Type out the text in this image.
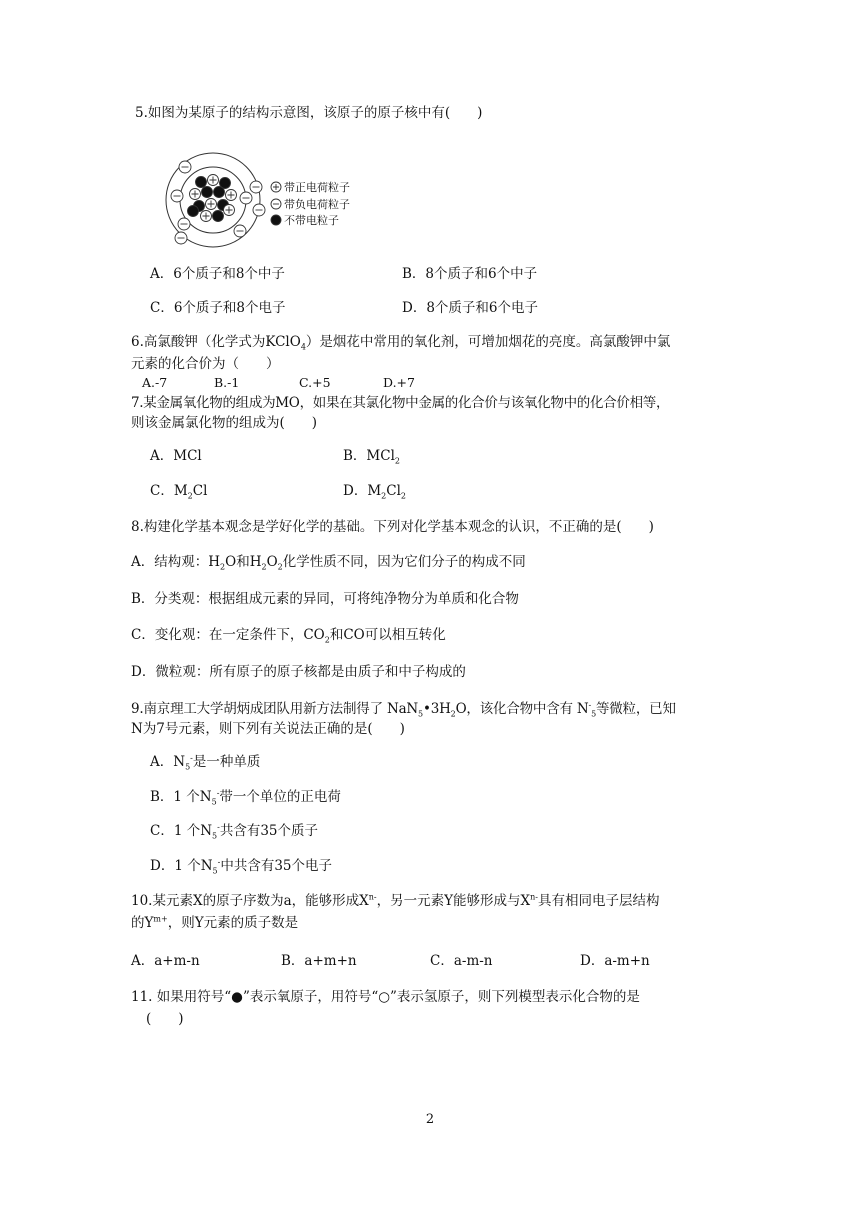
5.如图为某原子的结构示意图，该原子的原子核中有(　　)
带正电荷粒子
带负电荷粒子
不带电粒子
A．6个质子和8个中子	B．8个质子和6个中子
C．6个质子和8个电子	D．8个质子和6个电子
6.高氯酸钾（化学式为KClO$_4$）是烟花中常用的氧化剂，可增加烟花的亮度。高氯酸钾中氯
元素的化合价为（　　）
A.-7	B.-1	C.+5	D.+7
7.某金属氧化物的组成为MO，如果在其氯化物中金属的化合价与该氧化物中的化合价相等，
则该金属氯化物的组成为(　　)
A．MCl	B．MCl$_2$
C．$M_2Cl$	D．$M_2Cl_2$
8.构建化学基本观念是学好化学的基础。下列对化学基本观念的认识，不正确的是(　　)
A．结构观：$H_2O$和$H_2O_2$化学性质不同，因为它们分子的构成不同
B．分类观：根据组成元素的异同，可将纯净物分为单质和化合物
C．变化观：在一定条件下，$CO_2$和CO可以相互转化
D．微粒观：所有原子的原子核都是由质子和中子构成的
9.南京理工大学胡炳成团队用新方法制得了 $NaN_5•3H_2O$，该化合物中含有 $N^-_5$等微粒，已知
N为7号元素，则下列有关说法正确的是(　　)
A．$N_5^-$是一种单质
B．1 个$N_5^-$带一个单位的正电荷
C．1 个$N_5^-$共含有35个质子
D．1 个$N_5^-$中共含有35个电子
10.某元素X的原子序数为a，能够形成$X^{n-}$，另一元素Y能够形成与$X^{n-}$具有相同电子层结构
的$Y^{m+}$，则Y元素的质子数是
A．a+m-n	B．a+m+n	C．a-m-n	D．a-m+n
11. 如果用符号“●”表示氧原子，用符号“○”表示氢原子，则下列模型表示化合物的是
(　　)
2
